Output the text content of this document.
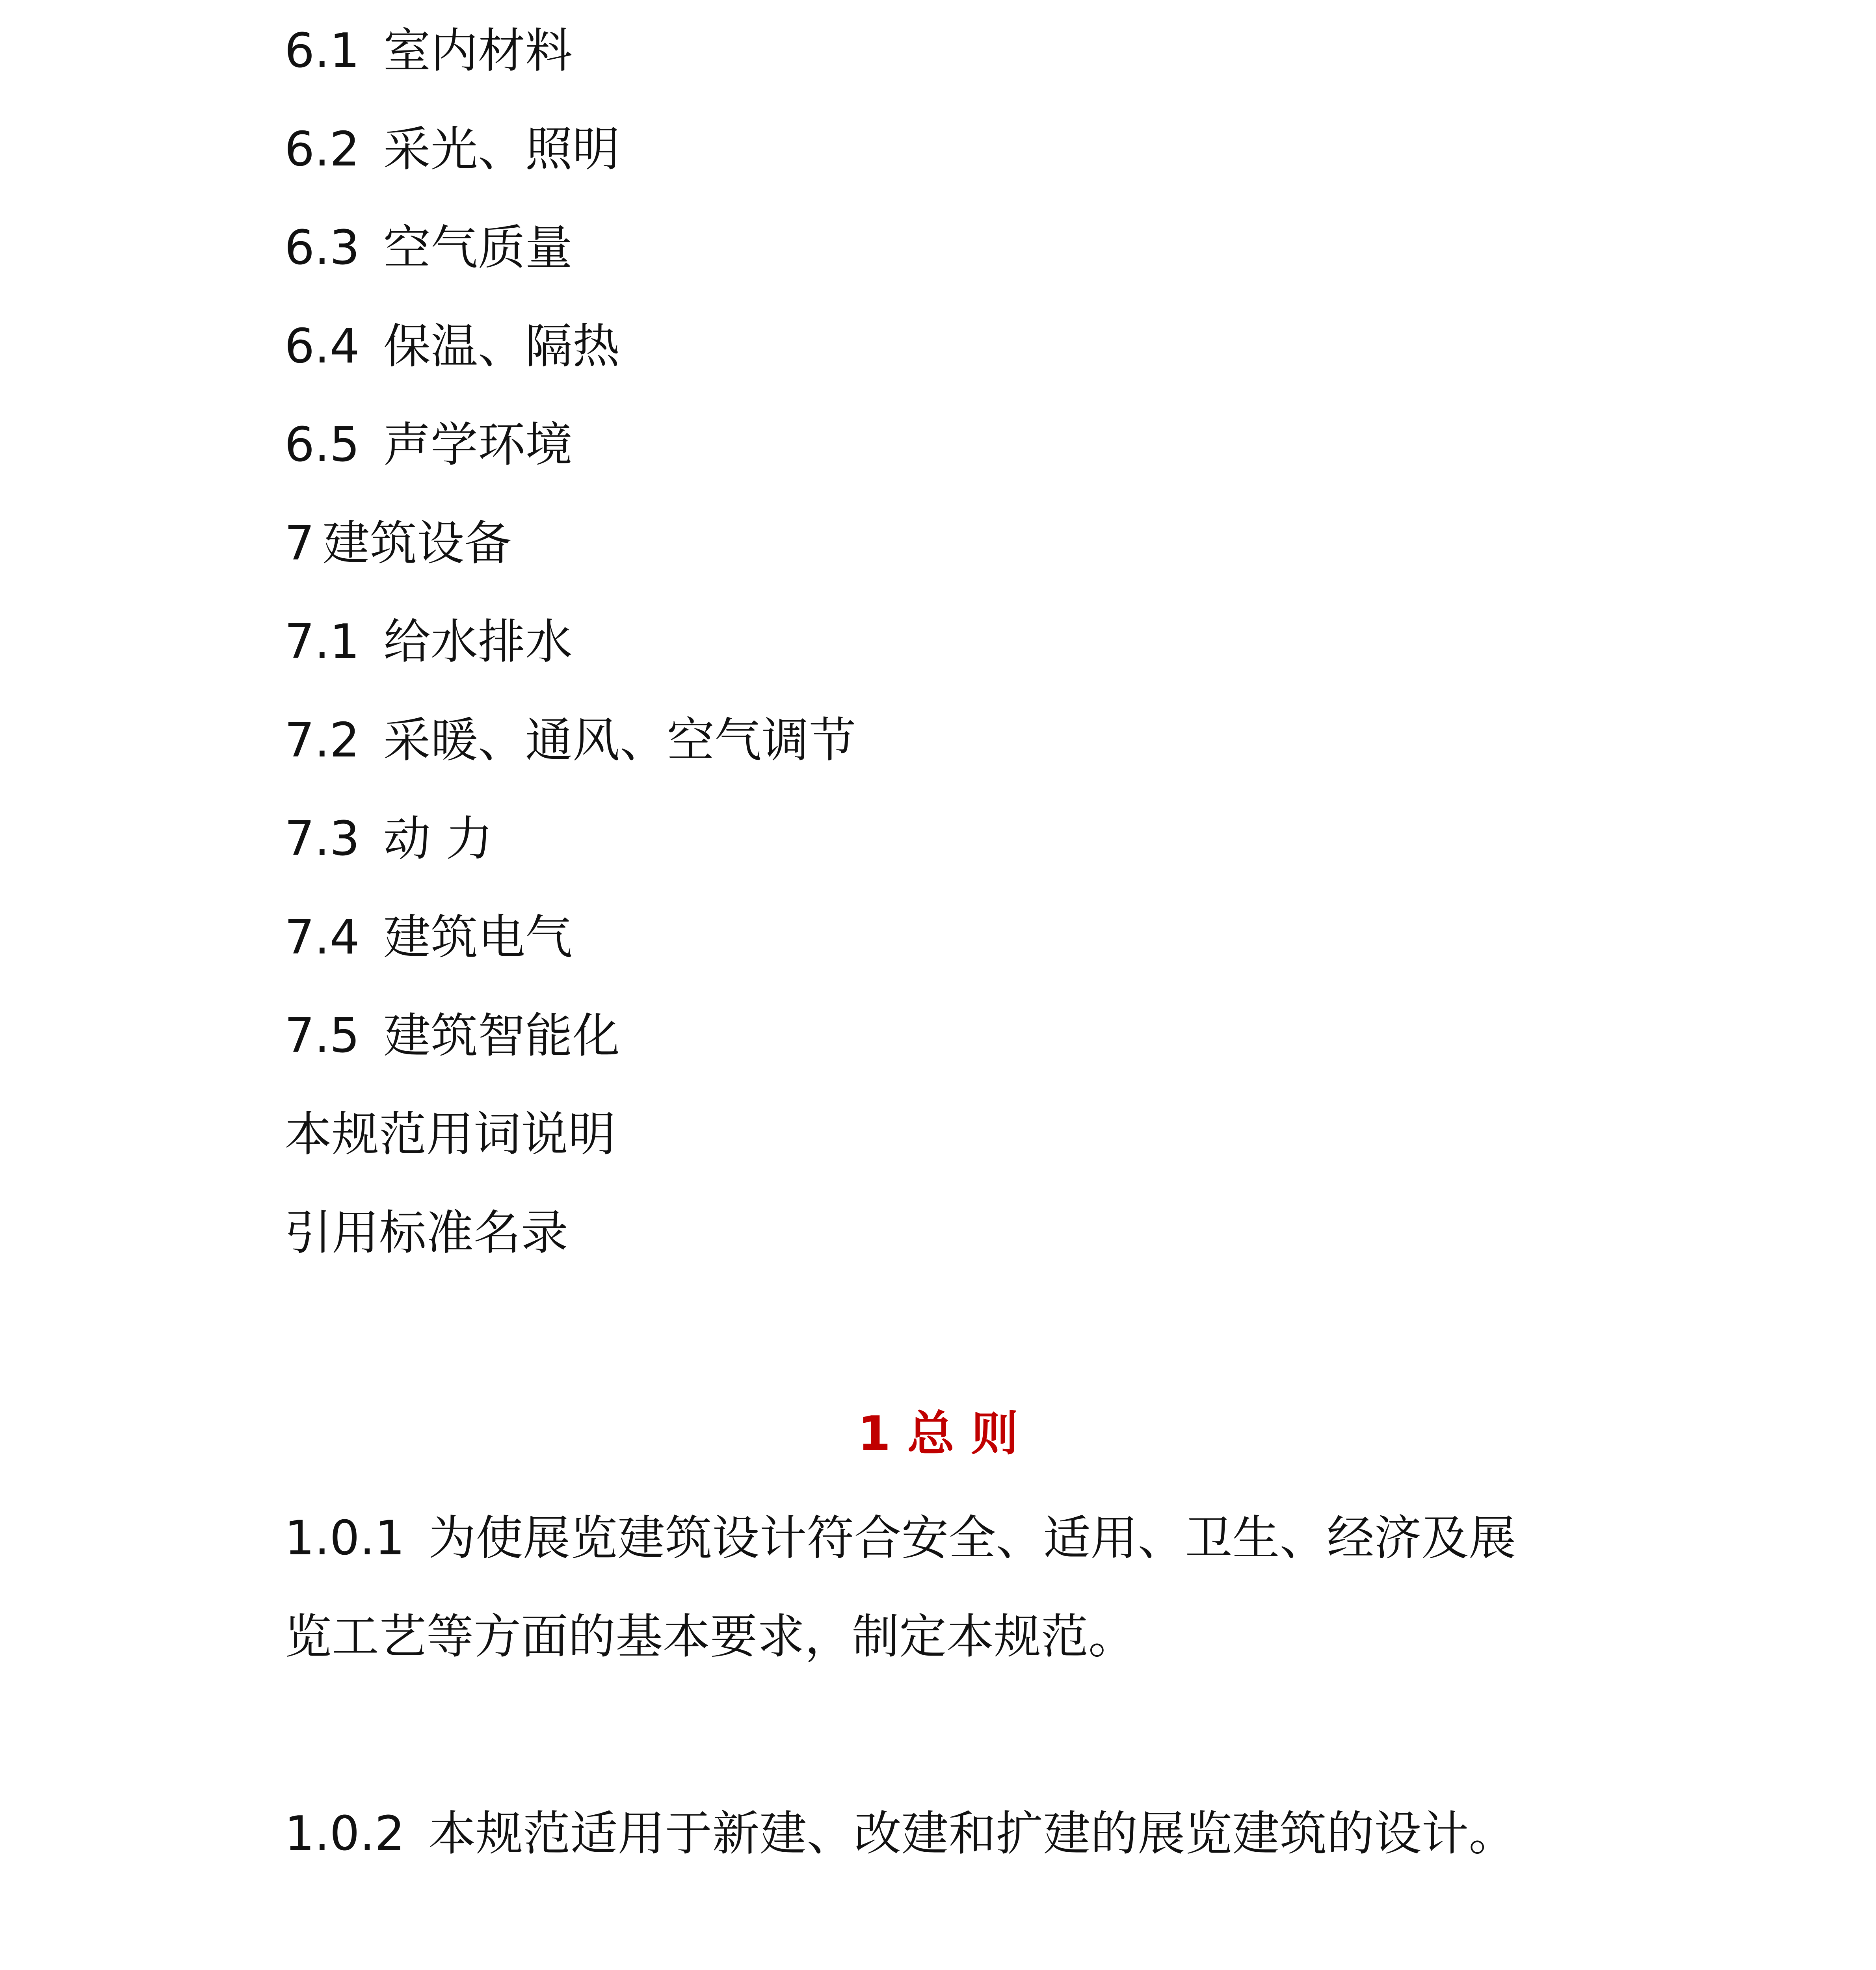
6.1 室内材料
6.2 采光、照明
6.3 空气质量
6.4 保温、隔热
6.5 声学环境
7 建筑设备
7.1 给水排水
7.2 采暖、通风、空气调节
7.3 动 力
7.4 建筑电气
7.5 建筑智能化
本规范用词说明
引用标准名录
1 总 则
1.0.1 为使展览建筑设计符合安全、适用、卫生、经济及展
览工艺等方面的基本要求，制定本规范。
1.0.2 本规范适用于新建、改建和扩建的展览建筑的设计。
